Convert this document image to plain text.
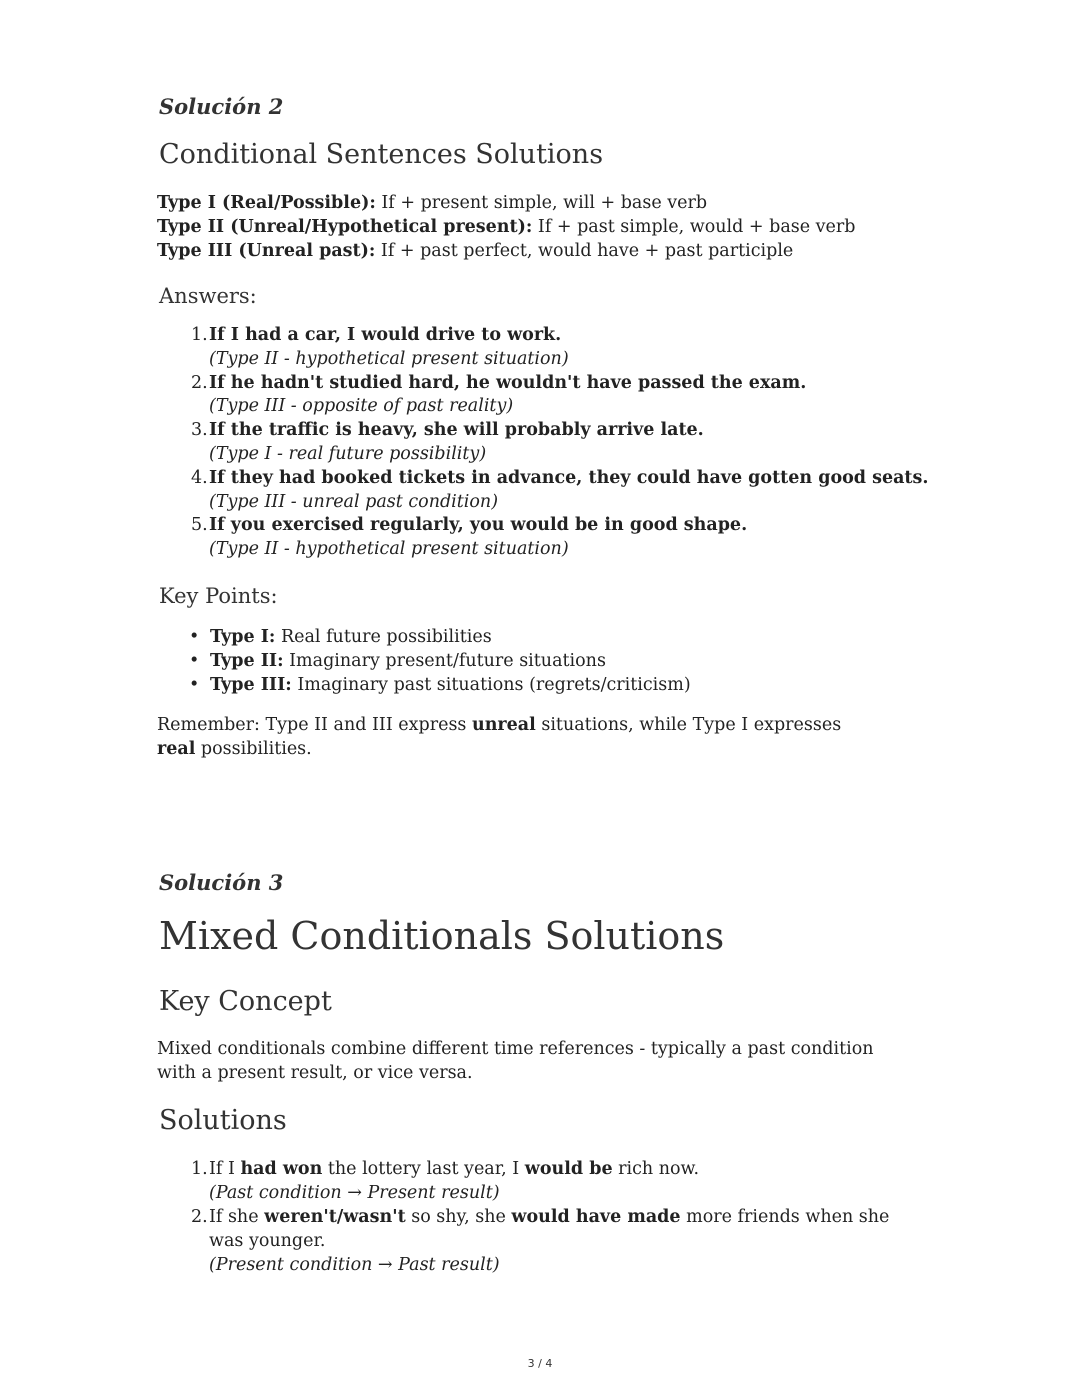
Solución 2
Conditional Sentences Solutions
Type I (Real/Possible): If + present simple, will + base verb
Type II (Unreal/Hypothetical present): If + past simple, would + base verb
Type III (Unreal past): If + past perfect, would have + past participle
Answers:
1. If I had a car, I would drive to work.
(Type II - hypothetical present situation)
2. If he hadn't studied hard, he wouldn't have passed the exam.
(Type III - opposite of past reality)
3. If the traffic is heavy, she will probably arrive late.
(Type I - real future possibility)
4. If they had booked tickets in advance, they could have gotten good seats.
(Type III - unreal past condition)
5. If you exercised regularly, you would be in good shape.
(Type II - hypothetical present situation)
Key Points:
• Type I: Real future possibilities
• Type II: Imaginary present/future situations
• Type III: Imaginary past situations (regrets/criticism)

Remember: Type II and III express unreal situations, while Type I expresses real possibilities.

Solución 3
Mixed Conditionals Solutions
Key Concept

Mixed conditionals combine different time references - typically a past condition with a present result, or vice versa.

Solutions
1. If I had won the lottery last year, I would be rich now.
(Past condition → Present result)
2. If she weren't/wasn't so shy, she would have made more friends when she was younger.
(Present condition → Past result)
3 / 4
